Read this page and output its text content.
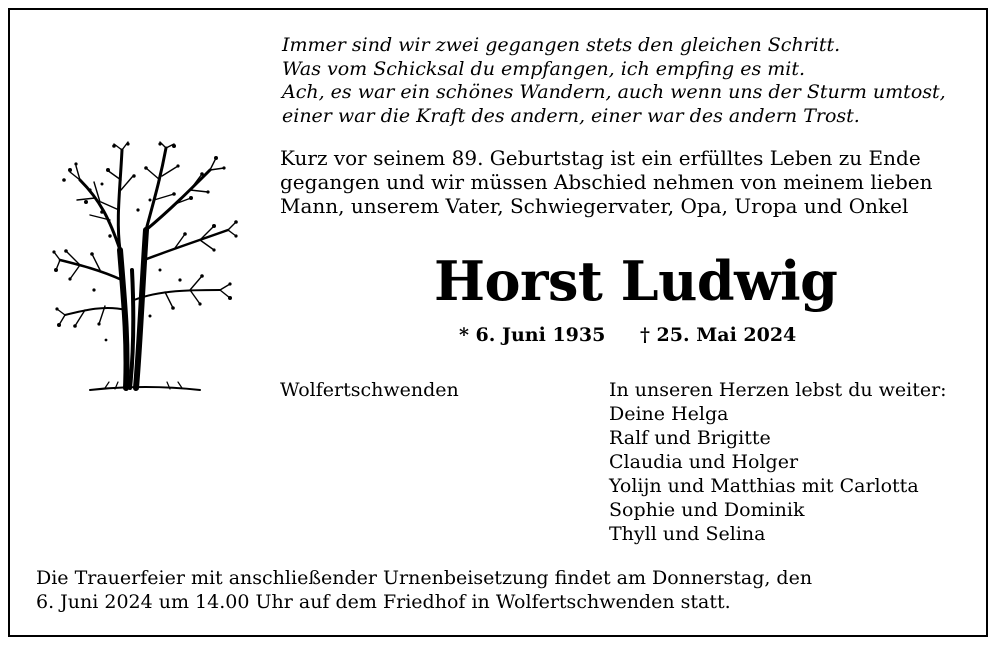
Immer sind wir zwei gegangen stets den gleichen Schritt.
Was vom Schicksal du empfangen, ich empfing es mit.
Ach, es war ein schönes Wandern, auch wenn uns der Sturm umtost,
einer war die Kraft des andern, einer war des andern Trost.
Kurz vor seinem 89. Geburtstag ist ein erfülltes Leben zu Ende
gegangen und wir müssen Abschied nehmen von meinem lieben
Mann, unserem Vater, Schwiegervater, Opa, Uropa und Onkel
Horst Ludwig
* 6. Juni 1935 † 25. Mai 2024
Wolfertschwenden	In unseren Herzen lebst du weiter:
Deine Helga
Ralf und Brigitte
Claudia und Holger
Yolijn und Matthias mit Carlotta
Sophie und Dominik
Thyll und Selina
Die Trauerfeier mit anschließender Urnenbeisetzung findet am Donnerstag, den
6. Juni 2024 um 14.00 Uhr auf dem Friedhof in Wolfertschwenden statt.
